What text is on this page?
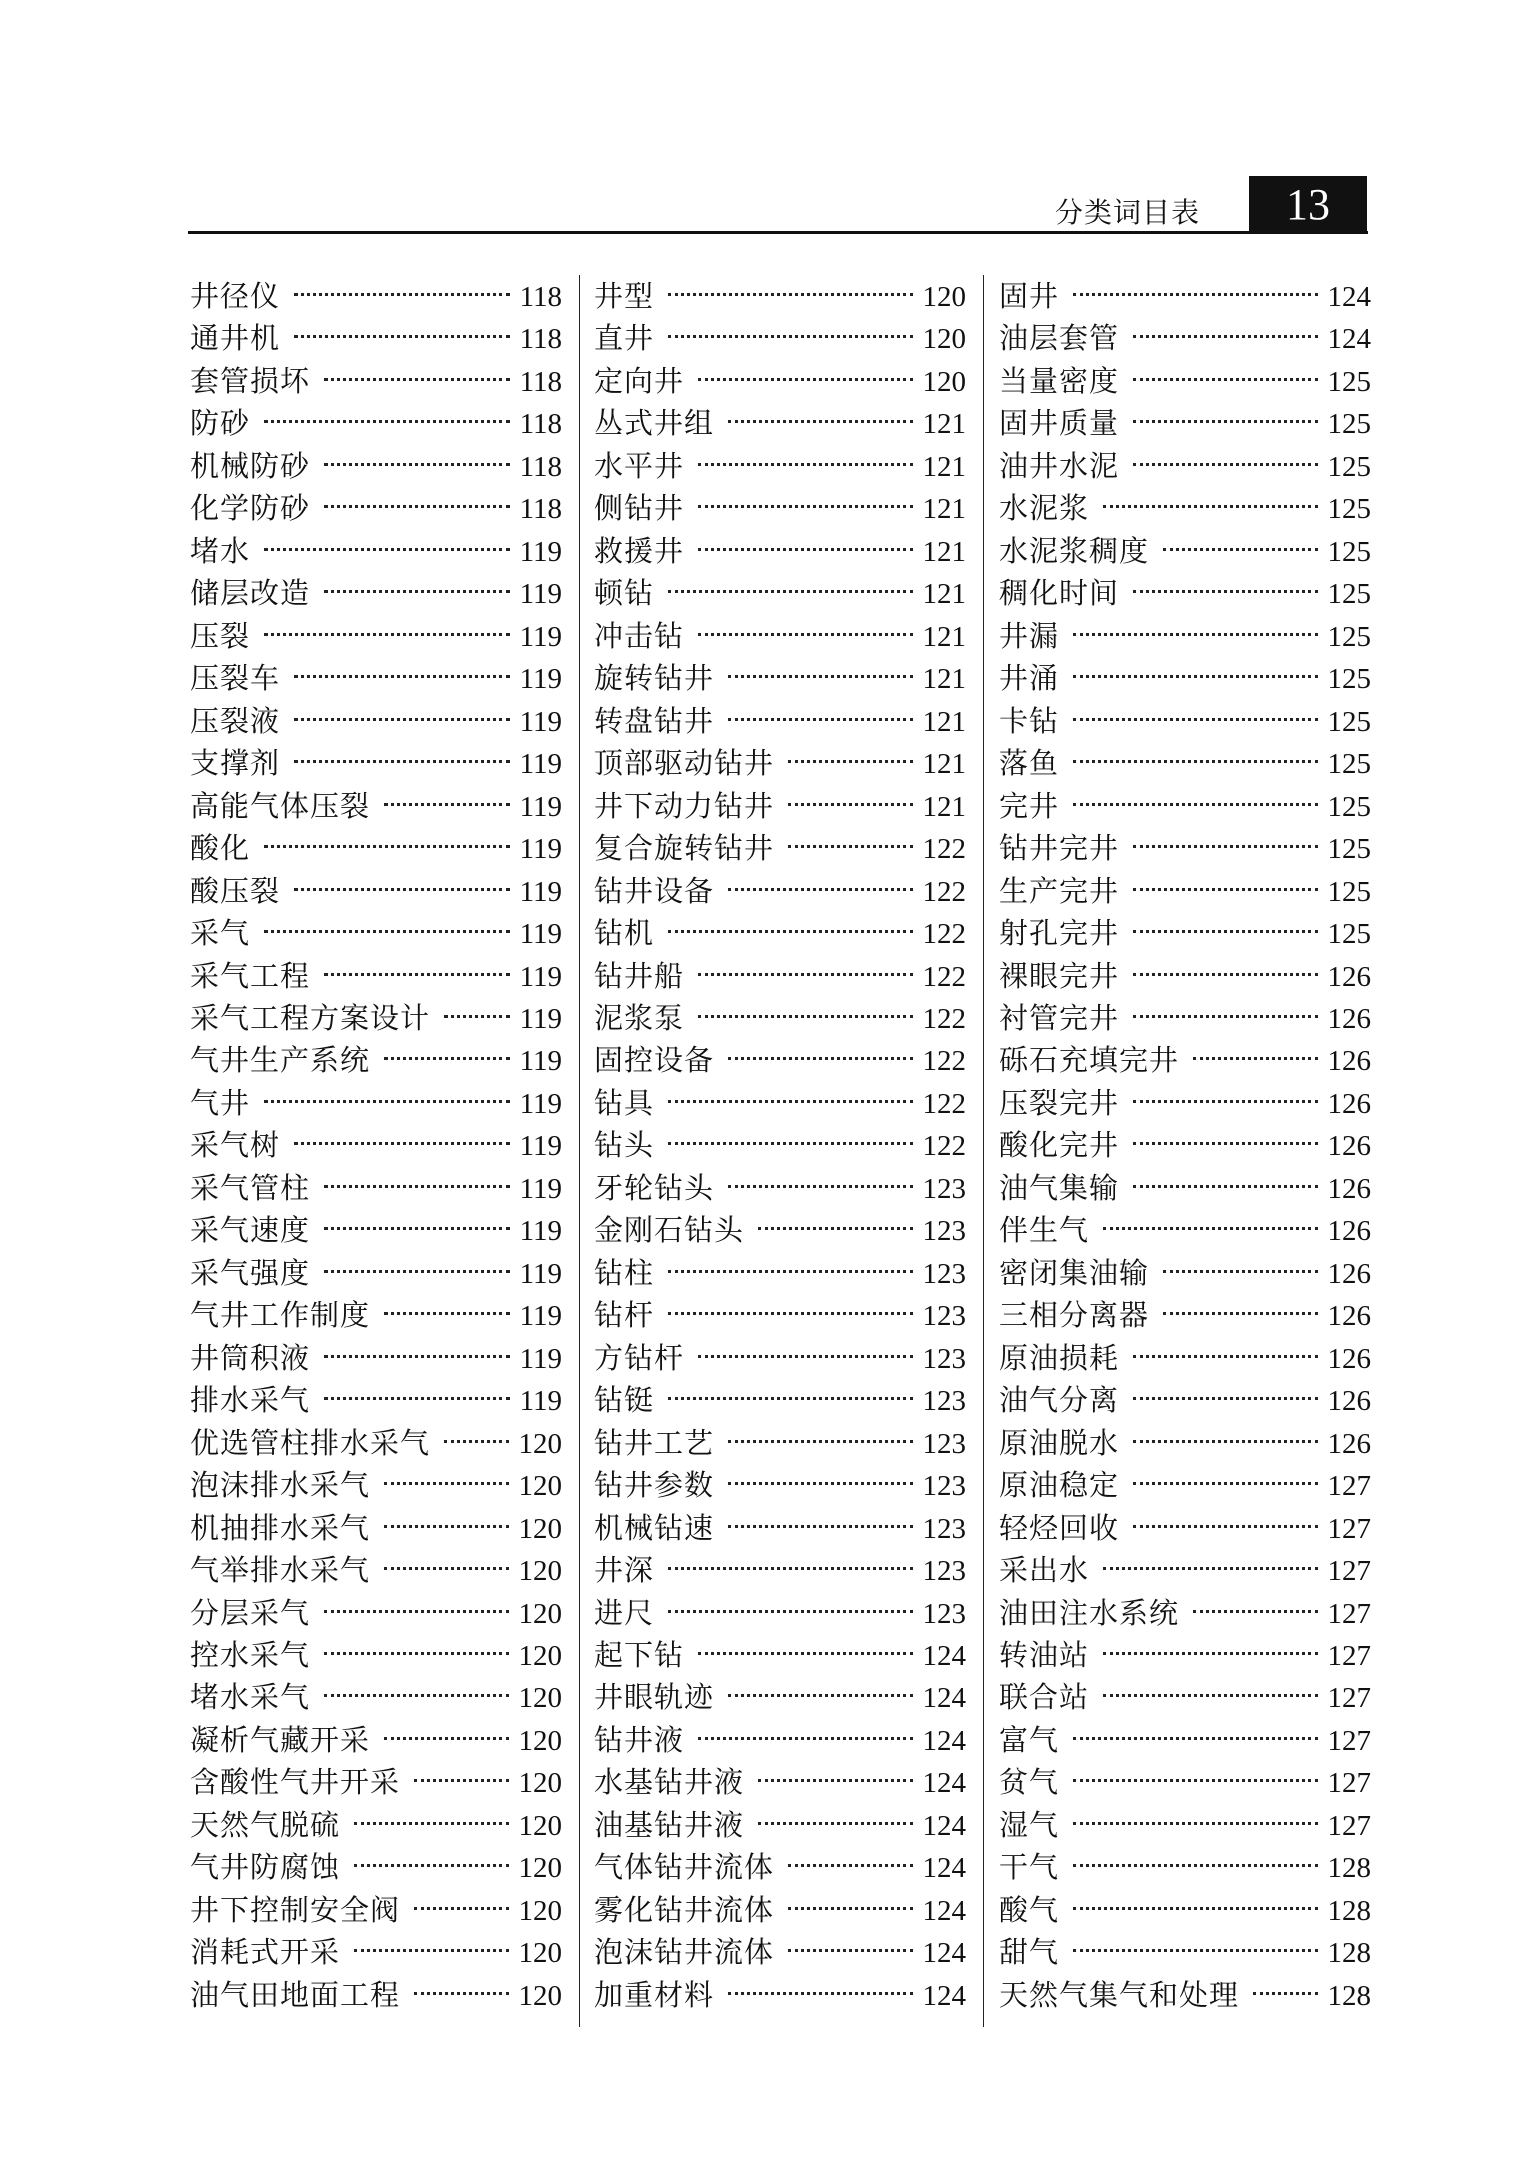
分类词目表	13
井径仪	118
通井机	118
套管损坏	118
防砂	118
机械防砂	118
化学防砂	118
堵水	119
储层改造	119
压裂	119
压裂车	119
压裂液	119
支撑剂	119
高能气体压裂	119
酸化	119
酸压裂	119
采气	119
采气工程	119
采气工程方案设计	119
气井生产系统	119
气井	119
采气树	119
采气管柱	119
采气速度	119
采气强度	119
气井工作制度	119
井筒积液	119
排水采气	119
优选管柱排水采气	120
泡沫排水采气	120
机抽排水采气	120
气举排水采气	120
分层采气	120
控水采气	120
堵水采气	120
凝析气藏开采	120
含酸性气井开采	120
天然气脱硫	120
气井防腐蚀	120
井下控制安全阀	120
消耗式开采	120
油气田地面工程	120
井型	120
直井	120
定向井	120
丛式井组	121
水平井	121
侧钻井	121
救援井	121
顿钻	121
冲击钻	121
旋转钻井	121
转盘钻井	121
顶部驱动钻井	121
井下动力钻井	121
复合旋转钻井	122
钻井设备	122
钻机	122
钻井船	122
泥浆泵	122
固控设备	122
钻具	122
钻头	122
牙轮钻头	123
金刚石钻头	123
钻柱	123
钻杆	123
方钻杆	123
钻铤	123
钻井工艺	123
钻井参数	123
机械钻速	123
井深	123
进尺	123
起下钻	124
井眼轨迹	124
钻井液	124
水基钻井液	124
油基钻井液	124
气体钻井流体	124
雾化钻井流体	124
泡沫钻井流体	124
加重材料	124
固井	124
油层套管	124
当量密度	125
固井质量	125
油井水泥	125
水泥浆	125
水泥浆稠度	125
稠化时间	125
井漏	125
井涌	125
卡钻	125
落鱼	125
完井	125
钻井完井	125
生产完井	125
射孔完井	125
裸眼完井	126
衬管完井	126
砾石充填完井	126
压裂完井	126
酸化完井	126
油气集输	126
伴生气	126
密闭集油输	126
三相分离器	126
原油损耗	126
油气分离	126
原油脱水	126
原油稳定	127
轻烃回收	127
采出水	127
油田注水系统	127
转油站	127
联合站	127
富气	127
贫气	127
湿气	127
干气	128
酸气	128
甜气	128
天然气集气和处理	128
